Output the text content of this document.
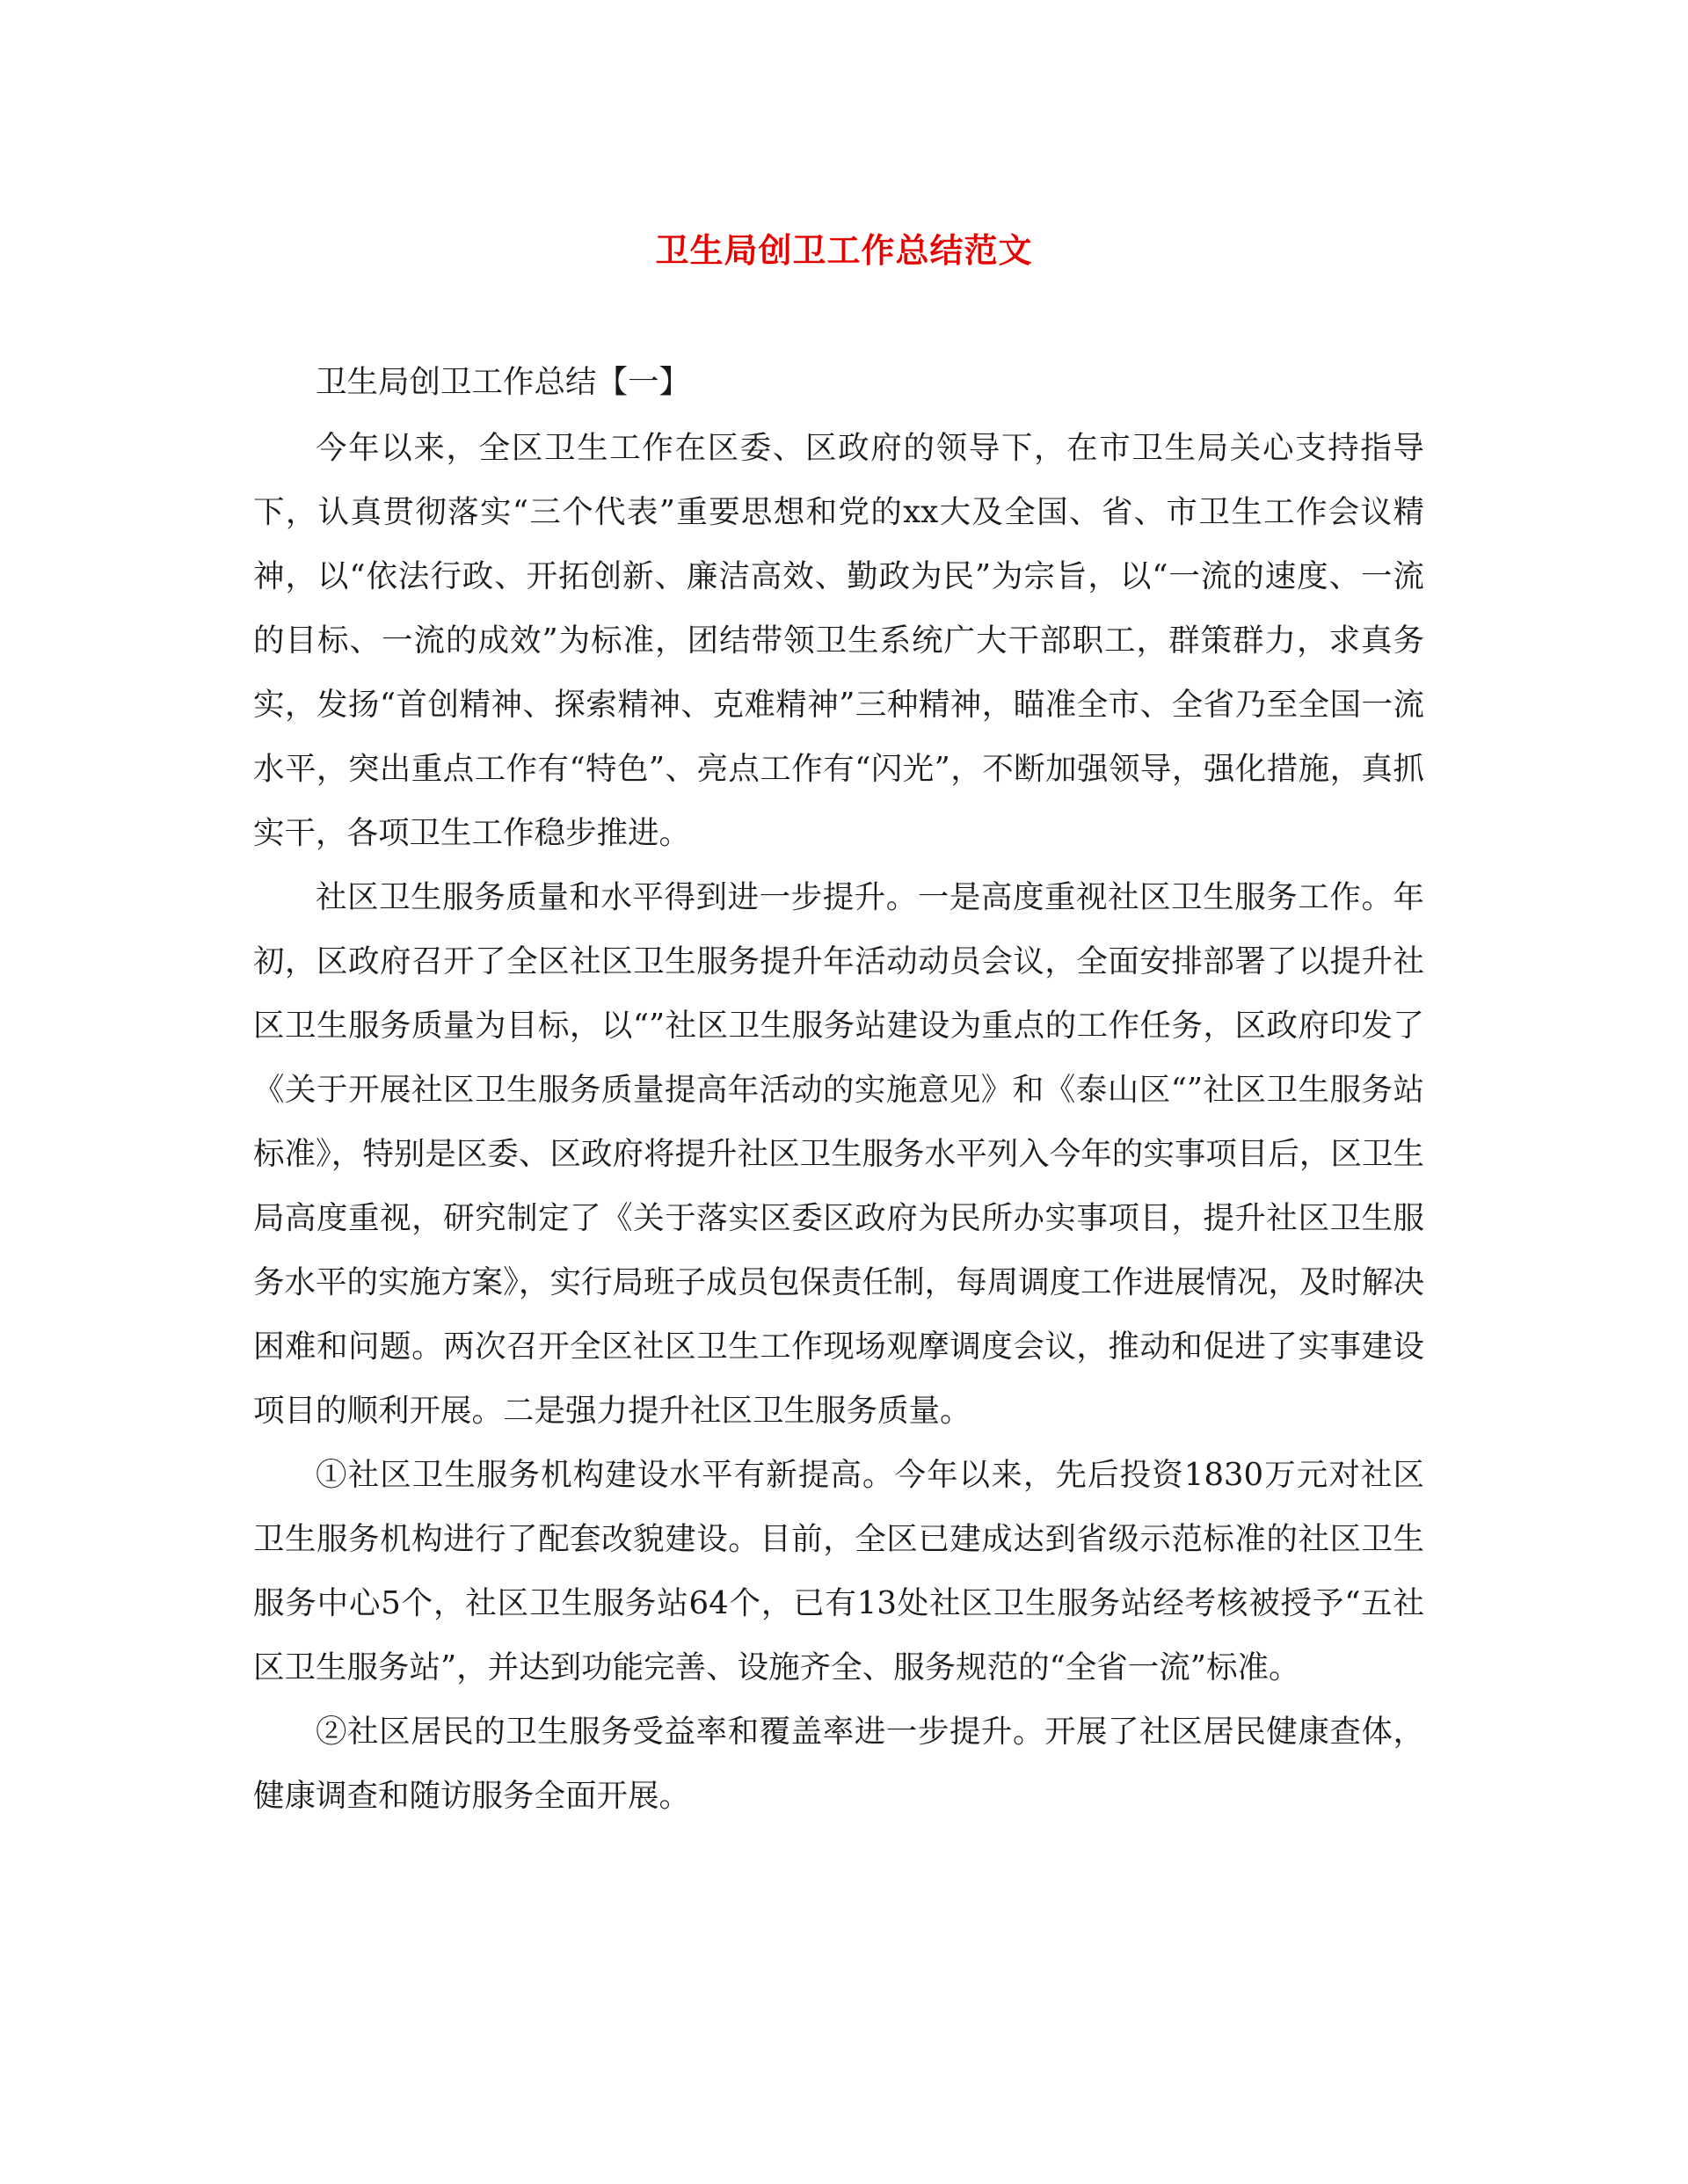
卫生局创卫工作总结范文

卫生局创卫工作总结【一】

今年以来，全区卫生工作在区委、区政府的领导下，在市卫生局关心支持指导下，认真贯彻落实“三个代表”重要思想和党的xx大及全国、省、市卫生工作会议精神，以“依法行政、开拓创新、廉洁高效、勤政为民”为宗旨，以“一流的速度、一流的目标、一流的成效”为标准，团结带领卫生系统广大干部职工，群策群力，求真务实，发扬“首创精神、探索精神、克难精神”三种精神，瞄准全市、全省乃至全国一流水平，突出重点工作有“特色”、亮点工作有“闪光”，不断加强领导，强化措施，真抓实干，各项卫生工作稳步推进。

社区卫生服务质量和水平得到进一步提升。一是高度重视社区卫生服务工作。年初，区政府召开了全区社区卫生服务提升年活动动员会议，全面安排部署了以提升社区卫生服务质量为目标，以“”社区卫生服务站建设为重点的工作任务，区政府印发了《关于开展社区卫生服务质量提高年活动的实施意见》和《泰山区“”社区卫生服务站标准》，特别是区委、区政府将提升社区卫生服务水平列入今年的实事项目后，区卫生局高度重视，研究制定了《关于落实区委区政府为民所办实事项目，提升社区卫生服务水平的实施方案》，实行局班子成员包保责任制，每周调度工作进展情况，及时解决困难和问题。两次召开全区社区卫生工作现场观摩调度会议，推动和促进了实事建设项目的顺利开展。二是强力提升社区卫生服务质量。

①社区卫生服务机构建设水平有新提高。今年以来，先后投资1830万元对社区卫生服务机构进行了配套改貌建设。目前，全区已建成达到省级示范标准的社区卫生服务中心5个，社区卫生服务站64个，已有13处社区卫生服务站经考核被授予“五社区卫生服务站”，并达到功能完善、设施齐全、服务规范的“全省一流”标准。

②社区居民的卫生服务受益率和覆盖率进一步提升。开展了社区居民健康查体，健康调查和随访服务全面开展。
